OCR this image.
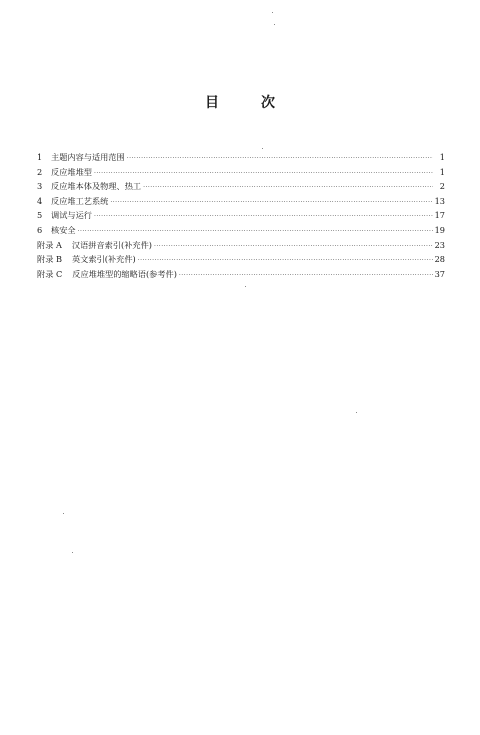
目	次
1	主题内容与适用范围 ·····	1
2	反应堆堆型 ·····	1
3	反应堆本体及物理、热工 ·····	2
4	反应堆工艺系统 ·····	13
5	调试与运行 ·····	17
6	核安全 ·····	19
附录 A 汉语拼音索引(补充件) ·····	23
附录 B 英文索引(补充件) ·····	28
附录 C 反应堆堆型的缩略语(参考件) ·····	37
